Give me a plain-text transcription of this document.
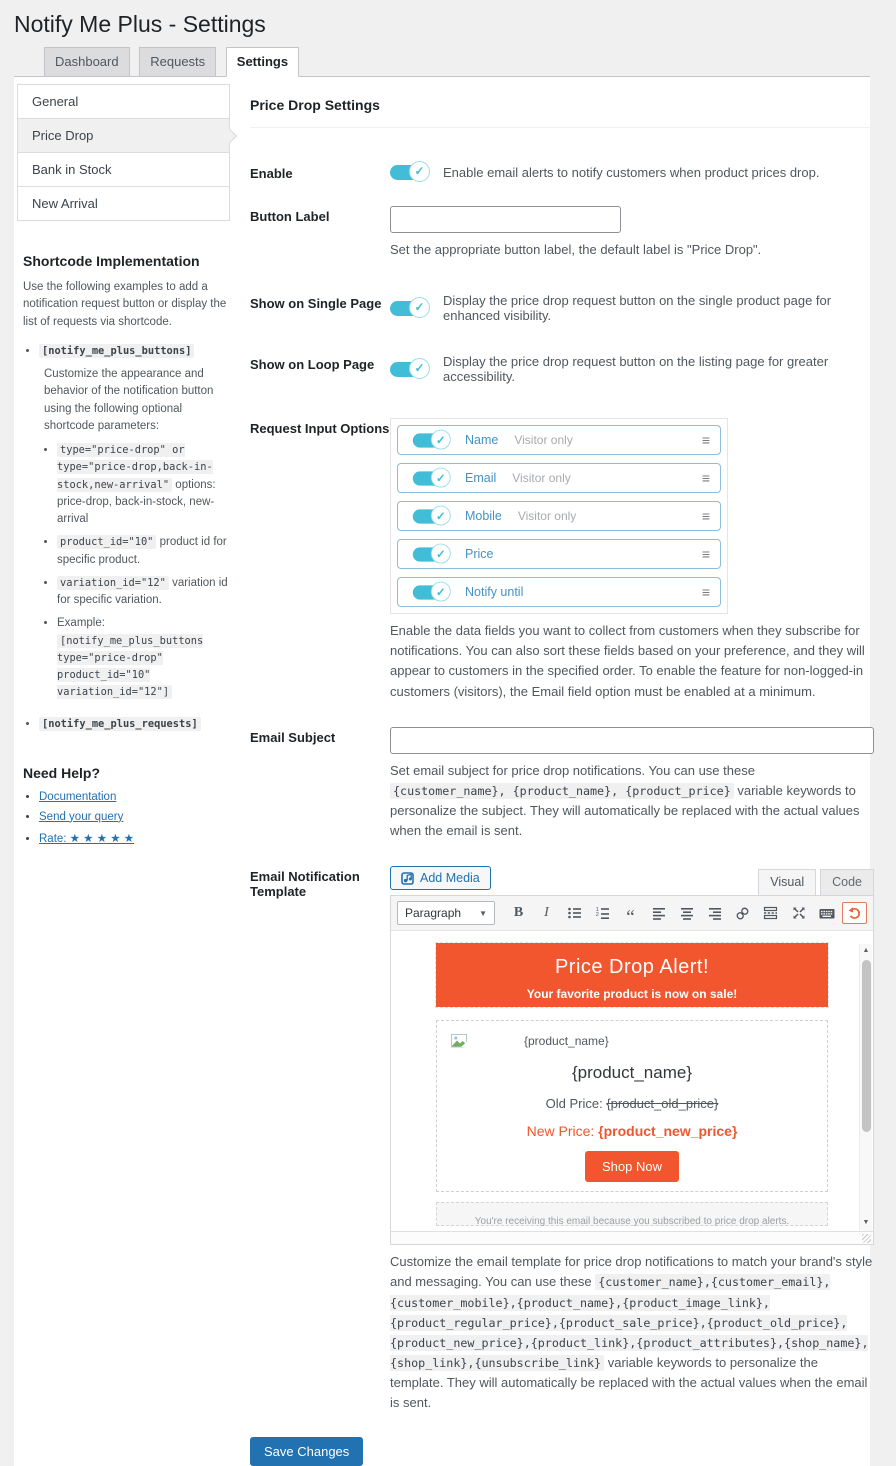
Notify Me Plus - Settings
Dashboard Requests Settings
General
Price Drop
Bank in Stock
New Arrival
Shortcode Implementation

Use the following examples to add a notification request button or display the list of requests via shortcode.

• [notify_me_plus_buttons]

Customize the appearance and behavior of the notification button using the following optional shortcode parameters:

• type="price-drop" or type="price-drop,back-in-stock,new-arrival" options: price-drop, back-in-stock, new-arrival
• product_id="10" product id for specific product.
• variation_id="12" variation id for specific variation.
• Example: [notify_me_plus_buttons type="price-drop" product_id="10" variation_id="12"]
• [notify_me_plus_requests]
Need Help?
• Documentation
• Send your query
• Rate: ★ ★ ★ ★ ★
Price Drop Settings
Enable	✓	Enable email alerts to notify customers when product prices drop.
Button Label

Set the appropriate button label, the default label is "Price Drop".

Show on Single Page	✓	Display the price drop request button on the single product page for enhanced visibility.
Show on Loop Page	✓	Display the price drop request button on the listing page for greater accessibility.
Request Input Options
✓	Name Visitor only	≡
✓	Email Visitor only	≡
✓	Mobile Visitor only	≡
✓	Price	≡
✓	Notify until	≡

Enable the data fields you want to collect from customers when they subscribe for notifications. You can also sort these fields based on your preference, and they will appear to customers in the specified order. To enable the feature for non-logged-in customers (visitors), the Email field option must be enabled at a minimum.

Email Subject

Set email subject for price drop notifications. You can use these {customer_name}, {product_name}, {product_price} variable keywords to personalize the subject. They will automatically be replaced with the actual values when the email is sent.

Email Notification Template
Add Media	Visual	Code
Paragraph ▼	B	I	1
2	“
Price Drop Alert!
Your favorite product is now on sale!
{product_name}
{product_name}
Old Price: {product_old_price}
New Price: {product_new_price}
Shop Now
You're receiving this email because you subscribed to price drop alerts.
▲
▼

Customize the email template for price drop notifications to match your brand's style and messaging. You can use these {customer_name},{customer_email},{customer_mobile},{product_name},{product_image_link},{product_regular_price},{product_sale_price},{product_old_price},{product_new_price},{product_link},{product_attributes},{shop_name},{shop_link},{unsubscribe_link} variable keywords to personalize the template. They will automatically be replaced with the actual values when the email is sent.

Save Changes
